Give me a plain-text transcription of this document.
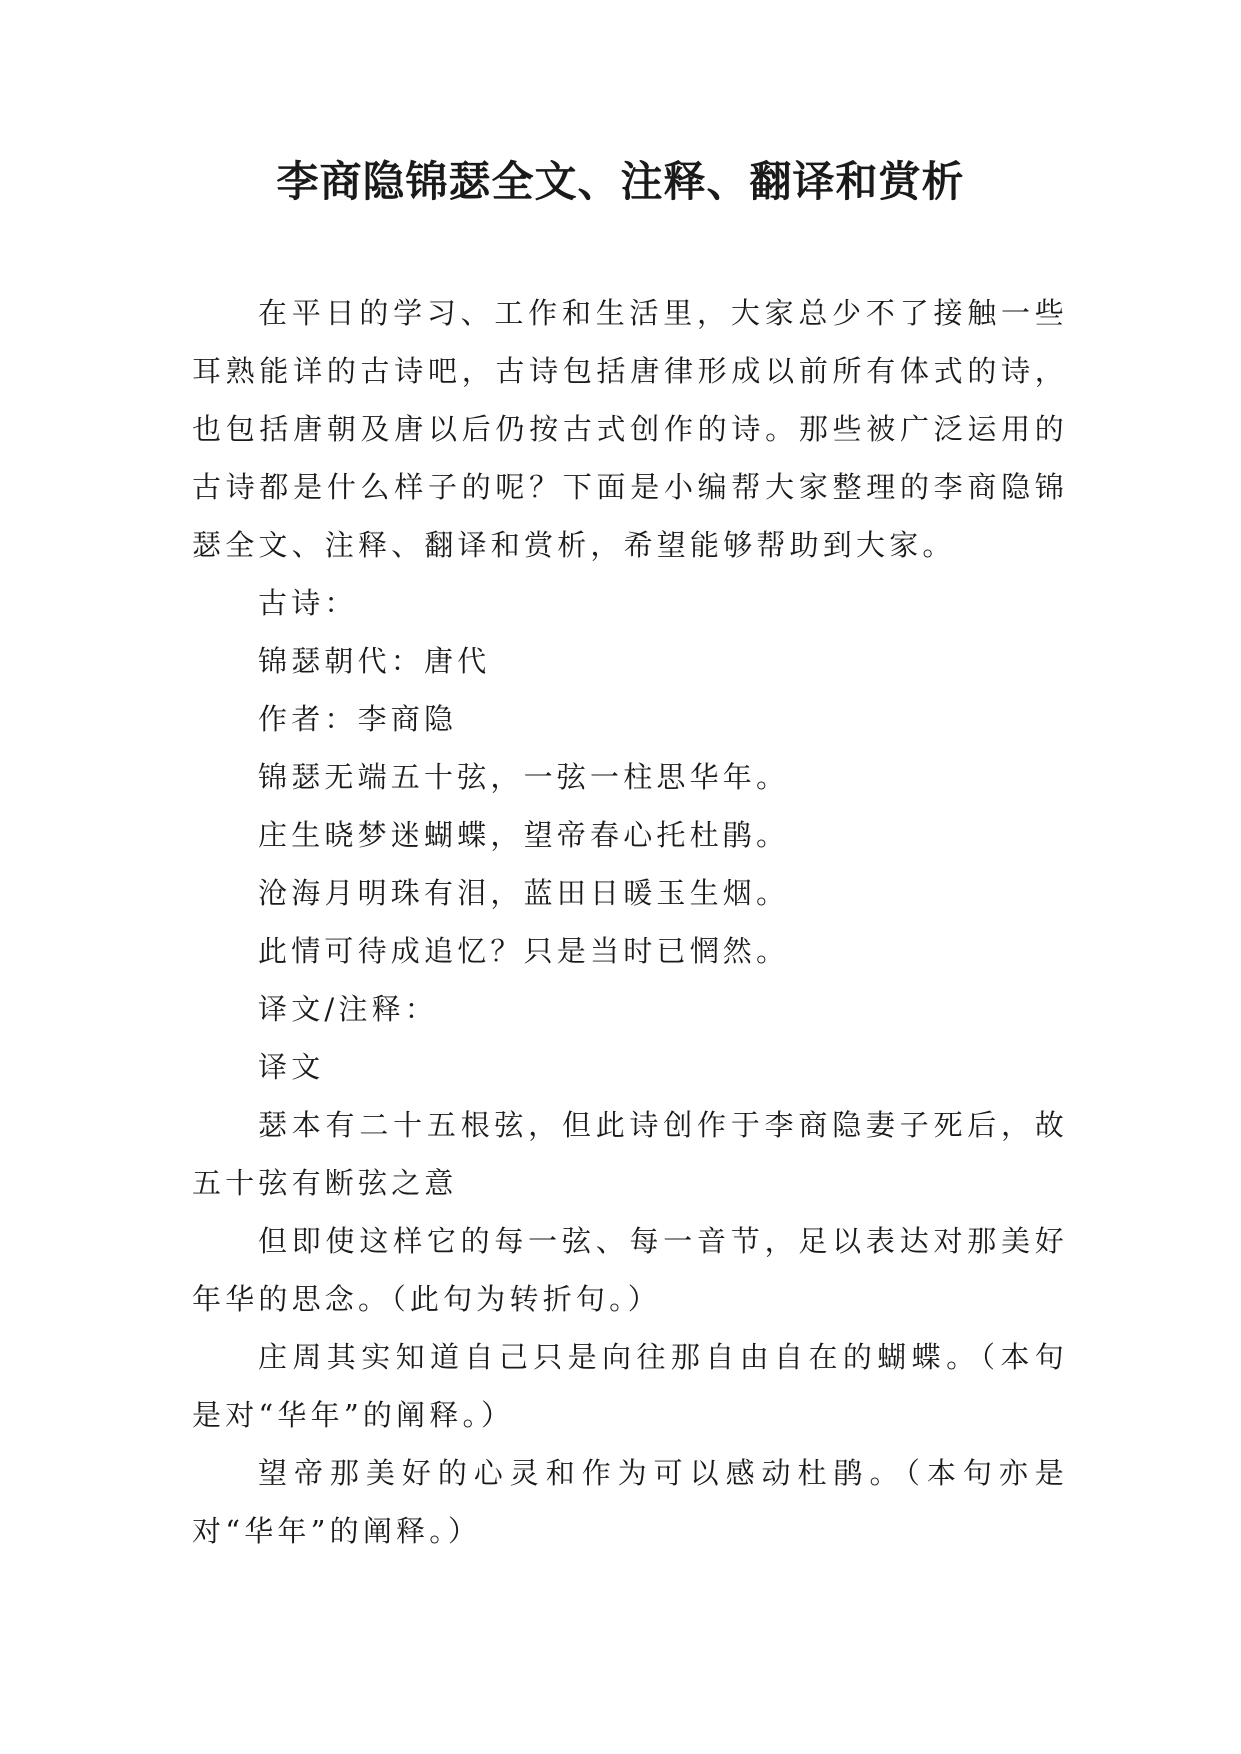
李商隐锦瑟全文、注释、翻译和赏析

在平日的学习、工作和生活里，大家总少不了接触一些耳熟能详的古诗吧，古诗包括唐律形成以前所有体式的诗，也包括唐朝及唐以后仍按古式创作的诗。那些被广泛运用的古诗都是什么样子的呢？下面是小编帮大家整理的李商隐锦瑟全文、注释、翻译和赏析，希望能够帮助到大家。

古诗：

锦瑟朝代：唐代

作者：李商隐

锦瑟无端五十弦，一弦一柱思华年。

庄生晓梦迷蝴蝶，望帝春心托杜鹃。

沧海月明珠有泪，蓝田日暖玉生烟。

此情可待成追忆？只是当时已惘然。

译文/注释：

译文

瑟本有二十五根弦，但此诗创作于李商隐妻子死后，故五十弦有断弦之意

但即使这样它的每一弦、每一音节，足以表达对那美好年华的思念。（此句为转折句。）

庄周其实知道自己只是向往那自由自在的蝴蝶。（本句是对“华年”的阐释。）

望帝那美好的心灵和作为可以感动杜鹃。（本句亦是对“华年”的阐释。）
